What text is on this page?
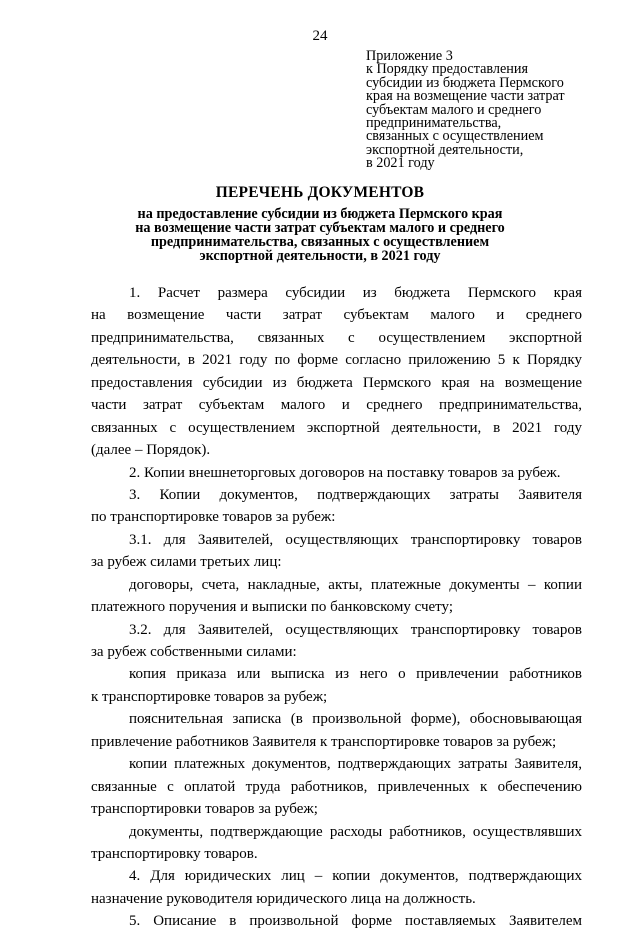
24
Приложение 3
к Порядку предоставления
субсидии из бюджета Пермского
края на возмещение части затрат
субъектам малого и среднего
предпринимательства,
связанных с осуществлением
экспортной деятельности,
в 2021 году
ПЕРЕЧЕНЬ ДОКУМЕНТОВ
на предоставление субсидии из бюджета Пермского края
на возмещение части затрат субъектам малого и среднего
предпринимательства, связанных с осуществлением
экспортной деятельности, в 2021 году
1. Расчет размера субсидии из бюджета Пермского края
на возмещение части затрат субъектам малого и среднего
предпринимательства, связанных с осуществлением экспортной
деятельности, в 2021 году по форме согласно приложению 5 к Порядку
предоставления субсидии из бюджета Пермского края на возмещение
части затрат субъектам малого и среднего предпринимательства,
связанных с осуществлением экспортной деятельности, в 2021 году
(далее – Порядок).
2. Копии внешнеторговых договоров на поставку товаров за рубеж.
3. Копии документов, подтверждающих затраты Заявителя
по транспортировке товаров за рубеж:
3.1. для Заявителей, осуществляющих транспортировку товаров
за рубеж силами третьих лиц:
договоры, счета, накладные, акты, платежные документы – копии
платежного поручения и выписки по банковскому счету;
3.2. для Заявителей, осуществляющих транспортировку товаров
за рубеж собственными силами:
копия приказа или выписка из него о привлечении работников
к транспортировке товаров за рубеж;
пояснительная записка (в произвольной форме), обосновывающая
привлечение работников Заявителя к транспортировке товаров за рубеж;
копии платежных документов, подтверждающих затраты Заявителя,
связанные с оплатой труда работников, привлеченных к обеспечению
транспортировки товаров за рубеж;
документы, подтверждающие расходы работников, осуществлявших
транспортировку товаров.
4. Для юридических лиц – копии документов, подтверждающих
назначение руководителя юридического лица на должность.
5. Описание в произвольной форме поставляемых Заявителем
